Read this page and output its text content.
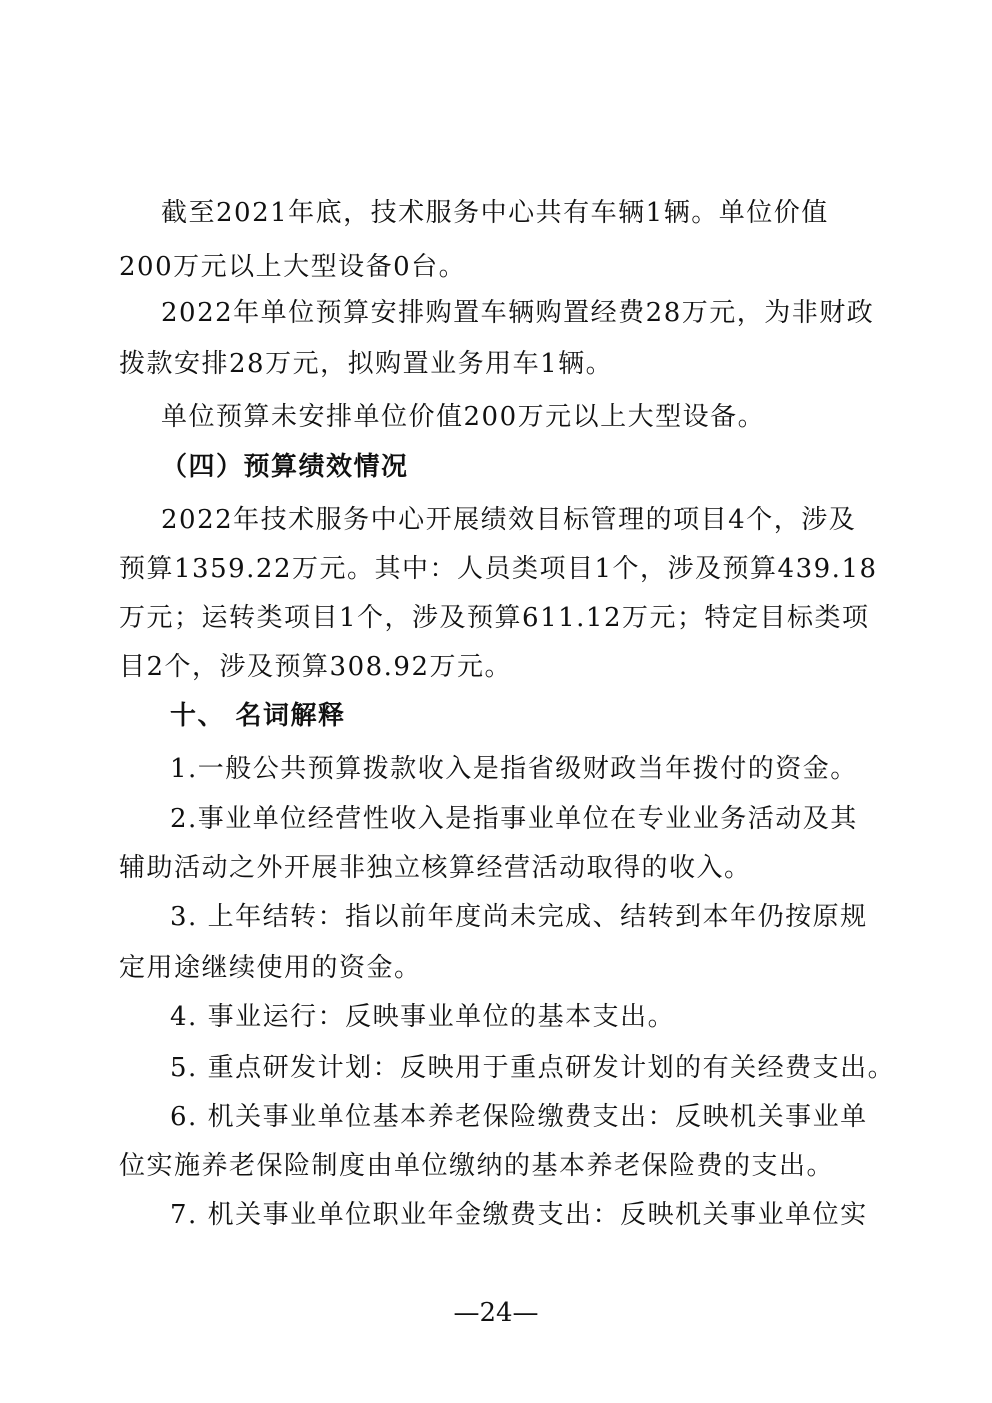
截至2021年底，技术服务中心共有车辆1辆。单位价值
200万元以上大型设备0台。
2022年单位预算安排购置车辆购置经费28万元，为非财政
拨款安排28万元，拟购置业务用车1辆。
单位预算未安排单位价值200万元以上大型设备。
（四）预算绩效情况
2022年技术服务中心开展绩效目标管理的项目4个，涉及
预算1359.22万元。其中：人员类项目1个，涉及预算439.18
万元；运转类项目1个，涉及预算611.12万元；特定目标类项
目2个，涉及预算308.92万元。
十、 名词解释
1.一般公共预算拨款收入是指省级财政当年拨付的资金。
2.事业单位经营性收入是指事业单位在专业业务活动及其
辅助活动之外开展非独立核算经营活动取得的收入。
3. 上年结转：指以前年度尚未完成、结转到本年仍按原规
定用途继续使用的资金。
4. 事业运行：反映事业单位的基本支出。
5. 重点研发计划：反映用于重点研发计划的有关经费支出。
6. 机关事业单位基本养老保险缴费支出：反映机关事业单
位实施养老保险制度由单位缴纳的基本养老保险费的支出。
7. 机关事业单位职业年金缴费支出：反映机关事业单位实
—24—
